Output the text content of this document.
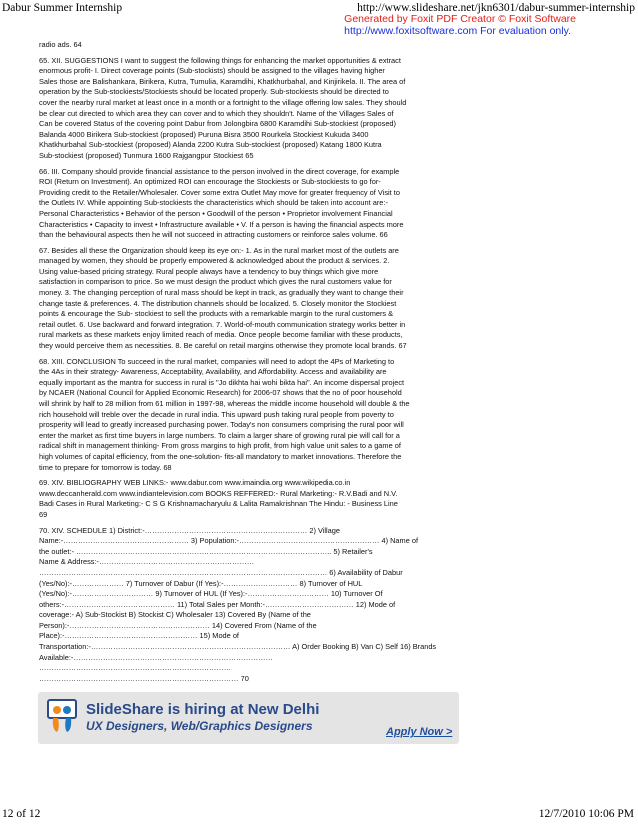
Dabur Summer Internship	http://www.slideshare.net/jkn6301/dabur-summer-internship
Generated by Foxit PDF Creator © Foxit Software
http://www.foxitsoftware.com For evaluation only.

radio ads. 64

65. XII. SUGGESTIONS I want to suggest the following things for enhancing the market opportunities & extract
enormous profit- I. Direct coverage points (Sub-stockists) should be assigned to the villages having higher
Sales those are Balishankara, Birikera, Kutra, Tumulia, Karamdihi, Khatkhurbahal, and Kinjirikela. II. The area of
operation by the Sub-stockiests/Stockiests should be located properly. Sub-stockiests should be directed to
cover the nearby rural market at least once in a month or a fortnight to the village offering low sales. They should
be clear cut directed to which area they can cover and to which they shouldn't. Name of the Villages Sales of
Can be covered Status of the covering point Dabur from Jolongbira 6800 Karamdihi Sub-stockiest (proposed)
Balanda 4000 Birikera Sub-stockiest (proposed) Puruna Bisra 3500 Rourkela Stockiest Kukuda 3400
Khatkhurbahal Sub-stockiest (proposed) Alanda 2200 Kutra Sub-stockiest (proposed) Katang 1800 Kutra
Sub-stockiest (proposed) Tunmura 1600 Rajgangpur Stockiest 65

66. III. Company should provide financial assistance to the person involved in the direct coverage, for example
ROI (Return on Investment). An optimized ROI can encourage the Stockiests or Sub-stockiests to go for-
Providing credit to the Retailer/Wholesaler. Cover some extra Outlet May move for greater frequency of Visit to
the Outlets IV. While appointing Sub-stockiests the characteristics which should be taken into account are:-
Personal Characteristics • Behavior of the person • Goodwill of the person • Proprietor involvement Financial
Characteristics • Capacity to invest • Infrastructure available • V. If a person is having the financial aspects more
than the behavioural aspects then he will not succeed in attracting customers or reinforce sales volume. 66

67. Besides all these the Organization should keep its eye on:- 1. As in the rural market most of the outlets are
managed by women, they should be properly empowered & acknowledged about the product & services. 2.
Using value-based pricing strategy. Rural people always have a tendency to buy things which give more
satisfaction in comparison to price. So we must design the product which gives the rural customers value for
money. 3. The changing perception of rural mass should be kept in track, as gradually they want to change their
change taste & preferences. 4. The distribution channels should be localized. 5. Closely monitor the Stockiest
points & encourage the Sub- stockiest to sell the products with a remarkable margin to the rural customers &
retail outlet. 6. Use backward and forward integration. 7. World-of-mouth communication strategy works better in
rural markets as these markets enjoy limited reach of media. Once people become familiar with these products,
they would perceive them as necessities. 8. Be careful on retail margins otherwise they promote local brands. 67

68. XIII. CONCLUSION To succeed in the rural market, companies will need to adopt the 4Ps of Marketing to
the 4As in their strategy- Awareness, Acceptability, Availability, and Affordability. Access and availability are
equally important as the mantra for success in rural is "Jo dikhta hai wohi bikta hai". An income dispersal project
by NCAER (National Council for Applied Economic Research) for 2006-07 shows that the no of poor household
will shrink by half to 28 million from 61 million in 1997-98, whereas the middle income household will double & the
rich household will treble over the decade in rural india. This upward push taking rural people from poverty to
prosperity will lead to greatly increased purchasing power. Today's non consumers comprising the rural poor will
enter the market as first time buyers in large numbers. To claim a larger share of growing rural pie will call for a
radical shift in management thinking- From gross margins to high profit, from high value unit sales to a game of
high volumes of capital efficiency, from the one-solution- fits-all mandatory to market innovations. Therefore the
time to prepare for tomorrow is today. 68

69. XIV. BIBLIOGRAPHY WEB LINKS:- www.dabur.com www.imaindia.org www.wikipedia.co.in
www.deccanherald.com www.indiantelevision.com BOOKS REFFERED:- Rural Marketing:- R.V.Badi and N.V.
Badi Cases in Rural Marketing:- C S G Krishnamacharyulu & Lalita Ramakrishnan The Hindu: - Business Line
69

70. XIV. SCHEDULE 1) District:-………………………………………………………… 2) Village
Name:-…………………………………………… 3) Population:-………………………………………………… 4) Name of
the outlet:- ………………………………………………………………………………………….. 5) Retailer's
Name & Address:-………………………………………………………
……………………………………………………………………………………………………… 6) Availability of Dabur
(Yes/No):-………………… 7) Turnover of Dabur (If Yes):-………………………… 8) Turnover of HUL
(Yes/No):-…………………………… 9) Turnover of HUL (If Yes):-…………………………… 10) Turnover Of
others:-……………………………………… 11) Total Sales per Month:-……………………………… 12) Mode of
coverage:- A) Sub-Stockist B) Stockist C) Wholesaler 13) Covered By (Name of the
Person):-………………………………………………… 14) Covered From (Name of the
Place):-……………………………………………… 15) Mode of
Transportation:-……………………………………………………………………… A) Order Booking B) Van C) Self 16) Brands
Available:-………………………………………………………………………
……………………………………………………………………
……………………………………………………………………… 70

SlideShare is hiring at New Delhi
UX Designers, Web/Graphics Designers	Apply Now >
12 of 12	12/7/2010 10:06 PM
